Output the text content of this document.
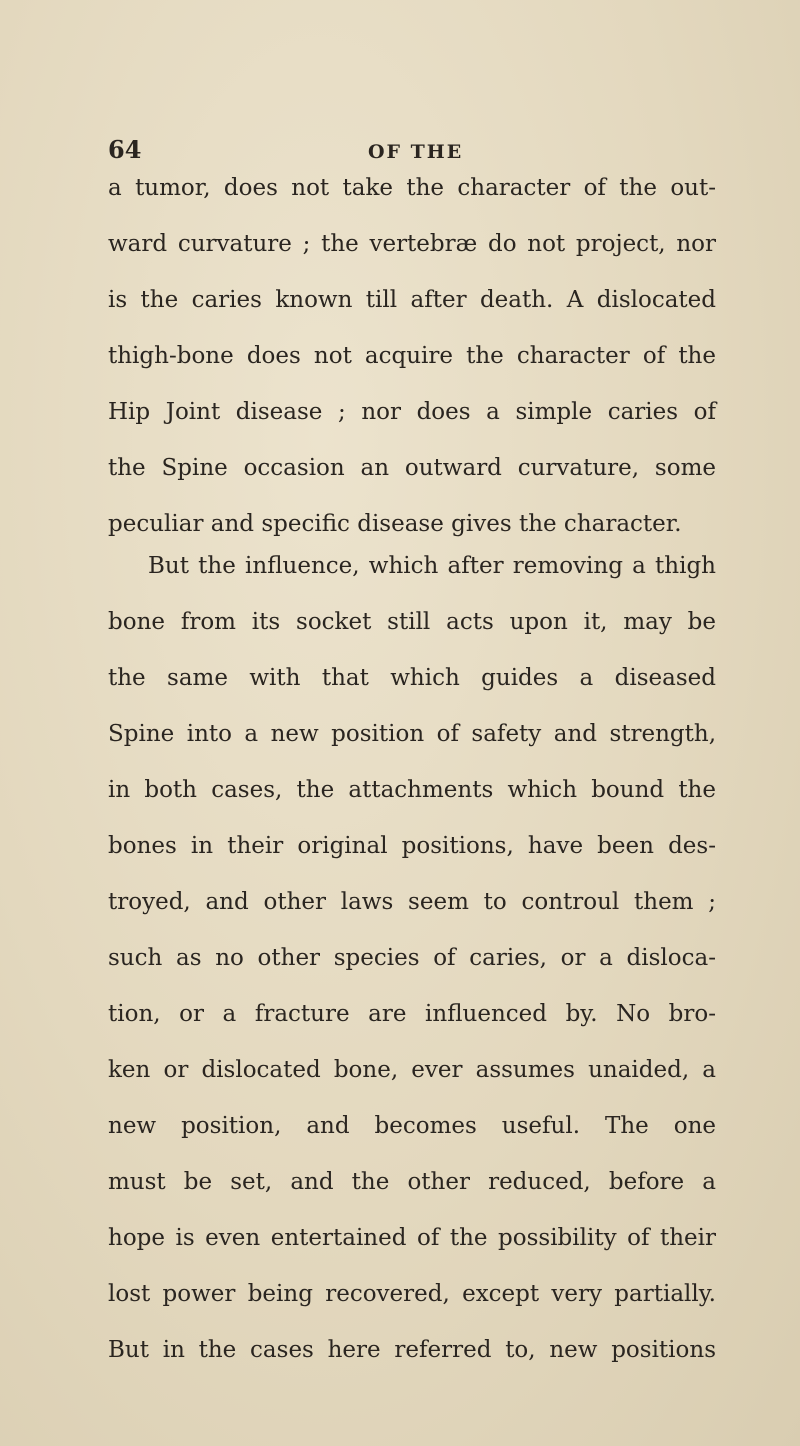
64	OF THE
a tumor, does not take the character of the out-
ward curvature ; the vertebræ do not project, nor
is the caries known till after death. A dislocated
thigh-bone does not acquire the character of the
Hip Joint disease ; nor does a simple caries of
the Spine occasion an outward curvature, some
peculiar and specific disease gives the character.
But the influence, which after removing a thigh
bone from its socket still acts upon it, may be
the same with that which guides a diseased
Spine into a new position of safety and strength,
in both cases, the attachments which bound the
bones in their original positions, have been des-
troyed, and other laws seem to controul them ;
such as no other species of caries, or a disloca-
tion, or a fracture are influenced by. No bro-
ken or dislocated bone, ever assumes unaided, a
new position, and becomes useful. The one
must be set, and the other reduced, before a
hope is even entertained of the possibility of their
lost power being recovered, except very partially.
But in the cases here referred to, new positions
